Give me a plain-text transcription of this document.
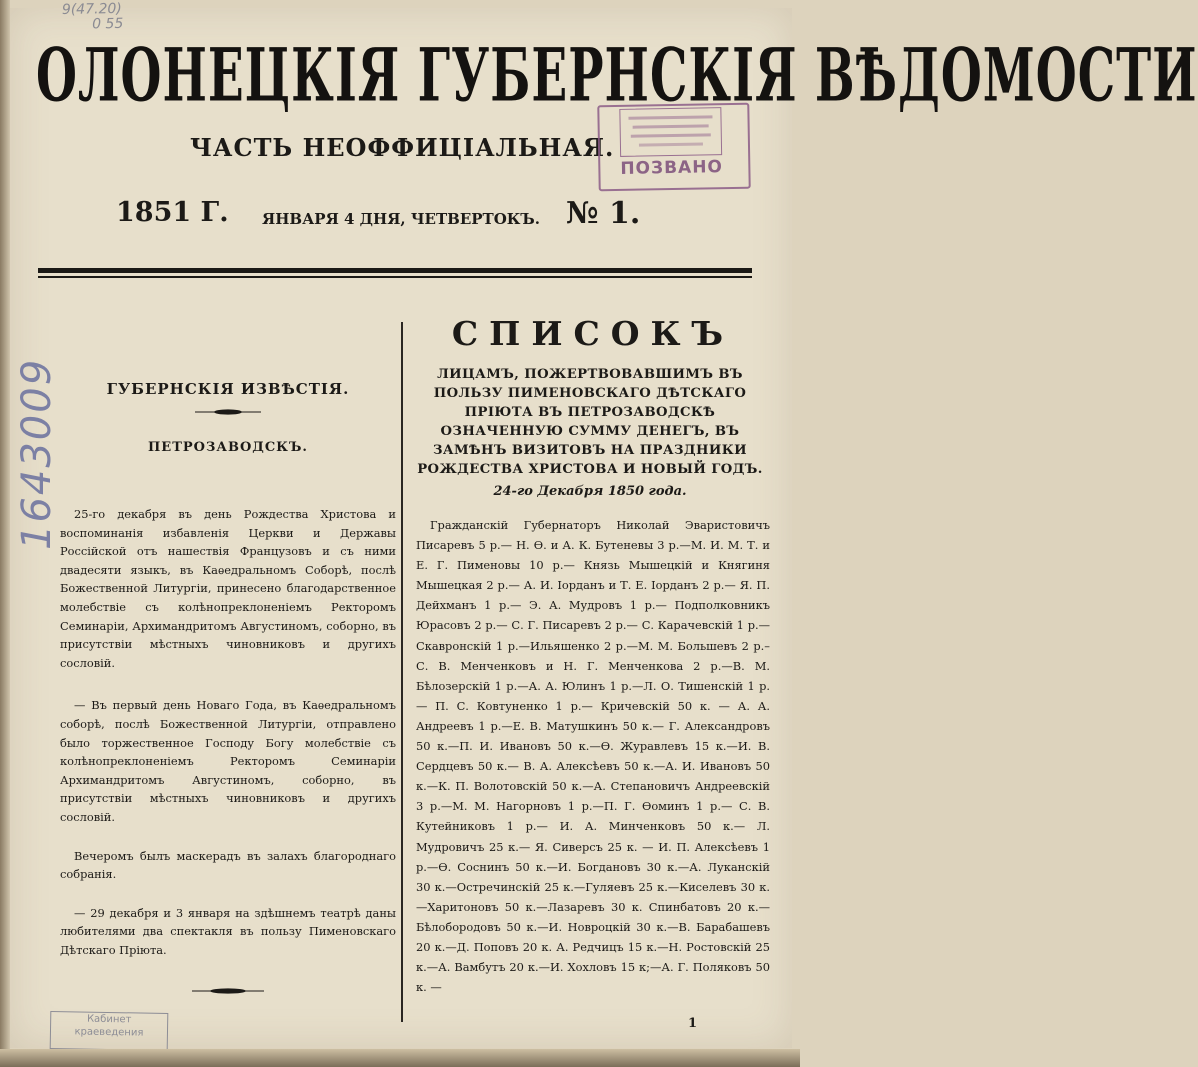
9(47.20)
0 55
ОЛОНЕЦКІЯ ГУБЕРНСКІЯ ВѢДОМОСТИ
ЧАСТЬ НЕОФФИЦІАЛЬНАЯ.
1851 Г. ЯНВАРЯ 4 ДНЯ, ЧЕТВЕРТОКЪ. № 1.
ПОЗВАНО
1643009	ГУБЕРНСКІЯ ИЗВѢСТІЯ.
ПЕТРОЗАВОДСКЪ.

25-го декабря въ день Рождества Христова и воспоминанія избавленія Церкви и Державы Россійской отъ нашествія Французовъ и съ ними двадесяти языкъ, въ Каѳедральномъ Соборѣ, послѣ Божественной Литургіи, принесено благодарственное молебствіе съ колѣнопреклоненіемъ Ректоромъ Семинаріи, Архимандритомъ Августиномъ, соборно, въ присутствіи мѣстныхъ чиновниковъ и другихъ сословій.

— Въ первый день Новаго Года, въ Каѳедральномъ соборѣ, послѣ Божественной Литургіи, отправлено было торжественное Господу Богу молебствіе съ колѣнопреклоненіемъ Ректоромъ Семинаріи Архимандритомъ Августиномъ, соборно, въ присутствіи мѣстныхъ чиновниковъ и другихъ сословій.

Вечеромъ былъ маскерадъ въ залахъ благороднаго собранія.

— 29 декабря и 3 января на здѣшнемъ театрѣ даны любителями два спектакля въ пользу Пименовскаго Дѣтскаго Пріюта.

СПИСОКЪ
ЛИЦАМЪ, ПОЖЕРТВОВАВШИМЪ ВЪ ПОЛЬЗУ ПИМЕНОВСКАГО ДѢТСКАГО ПРІЮТА ВЪ ПЕТРОЗАВОДСКѢ ОЗНАЧЕННУЮ СУММУ ДЕНЕГЪ, ВЪ ЗАМѢНЪ ВИЗИТОВЪ НА ПРАЗДНИКИ РОЖДЕСТВА ХРИСТОВА И НОВЫЙ ГОДЪ.
24-го Декабря 1850 года.

Гражданскій Губернаторъ Николай Эваристовичъ Писаревъ 5 р.— Н. Ѳ. и А. К. Бутеневы 3 р.—М. И. М. Т. и Е. Г. Пименовы 10 р.— Князь Мышецкій и Княгиня Мышецкая 2 р.— А. И. Іорданъ и Т. Е. Іорданъ 2 р.— Я. П. Дейхманъ 1 р.— Э. А. Мудровъ 1 р.— Подполковникъ Юрасовъ 2 р.— С. Г. Писаревъ 2 р.— С. Карачевскій 1 р.— Скавронскій 1 р.—Ильяшенко 2 р.—М. М. Большевъ 2 р.–С. В. Менченковъ и Н. Г. Менченкова 2 р.—В. М. Бѣлозерскій 1 р.—А. А. Юлинъ 1 р.—Л. О. Тишенскій 1 р.— П. С. Ковтуненко 1 р.— Кричевскій 50 к. — А. А. Андреевъ 1 р.—Е. В. Матушкинъ 50 к.— Г. Александровъ 50 к.—П. И. Ивановъ 50 к.—Ѳ. Журавлевъ 15 к.—И. В. Сердцевъ 50 к.— В. А. Алексѣевъ 50 к.—А. И. Ивановъ 50 к.—К. П. Волотовскій 50 к.—А. Степановичъ Андреевскій 3 р.—М. М. Нагорновъ 1 р.—П. Г. Ѳоминъ 1 р.— С. В. Кутейниковъ 1 р.— И. А. Минченковъ 50 к.— Л. Мудровичъ 25 к.— Я. Сиверсъ 25 к. — И. П. Алексѣевъ 1 р.—Ѳ. Соснинъ 50 к.—И. Богдановъ 30 к.—А. Луканскій 30 к.—Остречинскій 25 к.—Гуляевъ 25 к.—Киселевъ 30 к.—Харитоновъ 50 к.—Лазаревъ 30 к. Спинбатовъ 20 к.—Бѣлобородовъ 50 к.—И. Новроцкій 30 к.—В. Барабашевъ 20 к.—Д. Поповъ 20 к. А. Редчицъ 15 к.—Н. Ростовскій 25 к.—А. Вамбутъ 20 к.—И. Хохловъ 15 к;—А. Г. Поляковъ 50 к. —

1
Кабинет
краеведения
